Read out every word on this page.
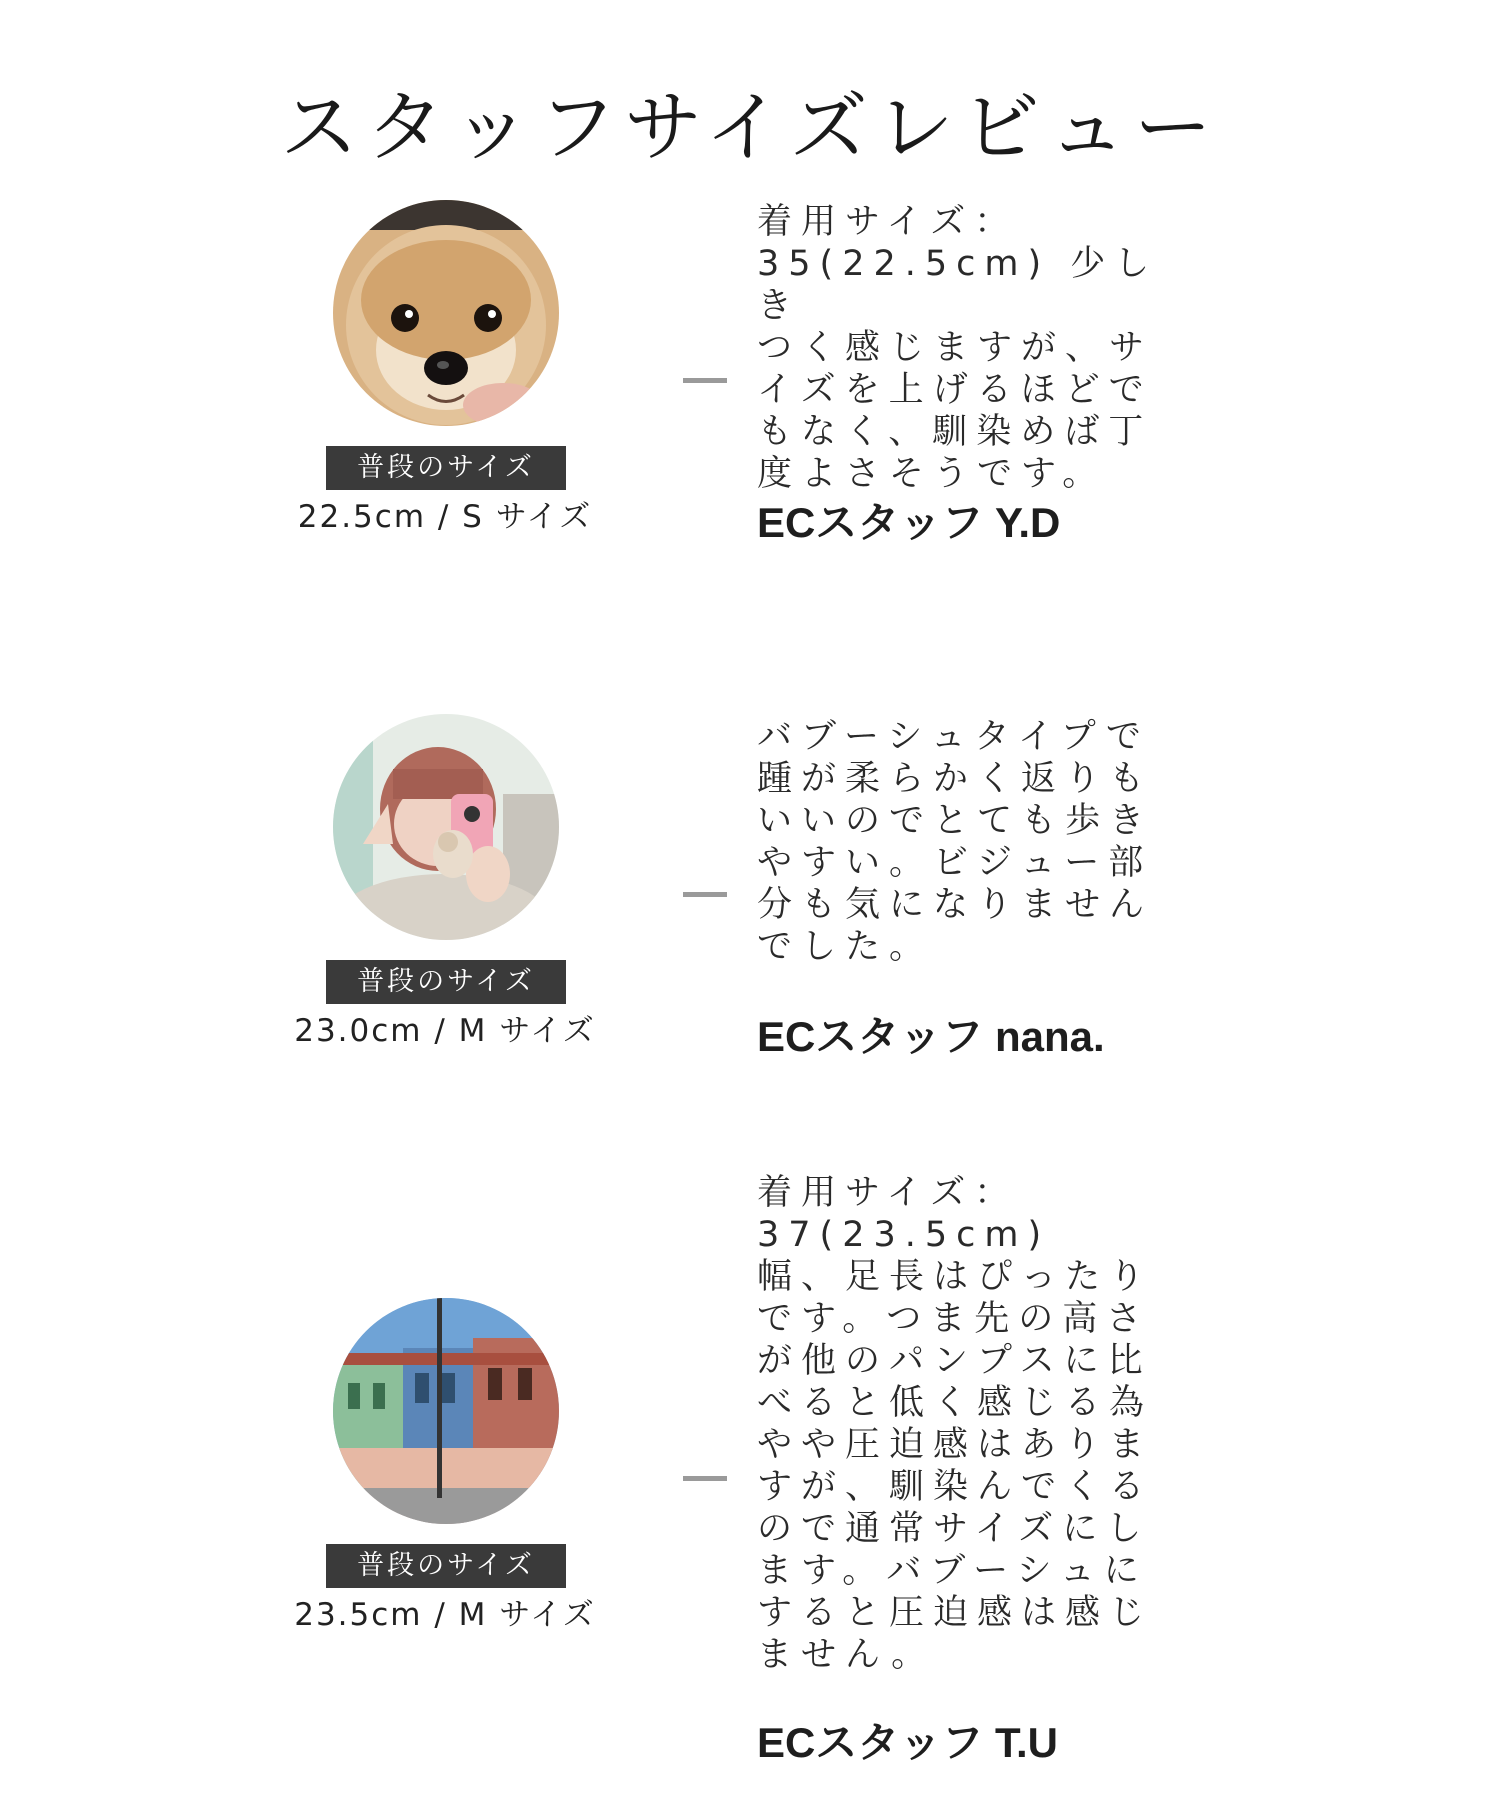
スタッフサイズレビュー
普段のサイズ
22.5cm / S サイズ

着用サイズ：
35(22.5cm) 少しき
つく感じますが、サ
イズを上げるほどで
もなく、馴染めば丁
度よさそうです。

ECスタッフ Y.D
普段のサイズ
23.0cm / M サイズ

バブーシュタイプで
踵が柔らかく返りも
いいのでとても歩き
やすい。ビジュー部
分も気になりません
でした。

ECスタッフ nana.
普段のサイズ
23.5cm / M サイズ

着用サイズ：
37(23.5cm)
幅、足長はぴったり
です。つま先の高さ
が他のパンプスに比
べると低く感じる為
やや圧迫感はありま
すが、馴染んでくる
ので通常サイズにし
ます。バブーシュに
すると圧迫感は感じ
ません。

ECスタッフ T.U
